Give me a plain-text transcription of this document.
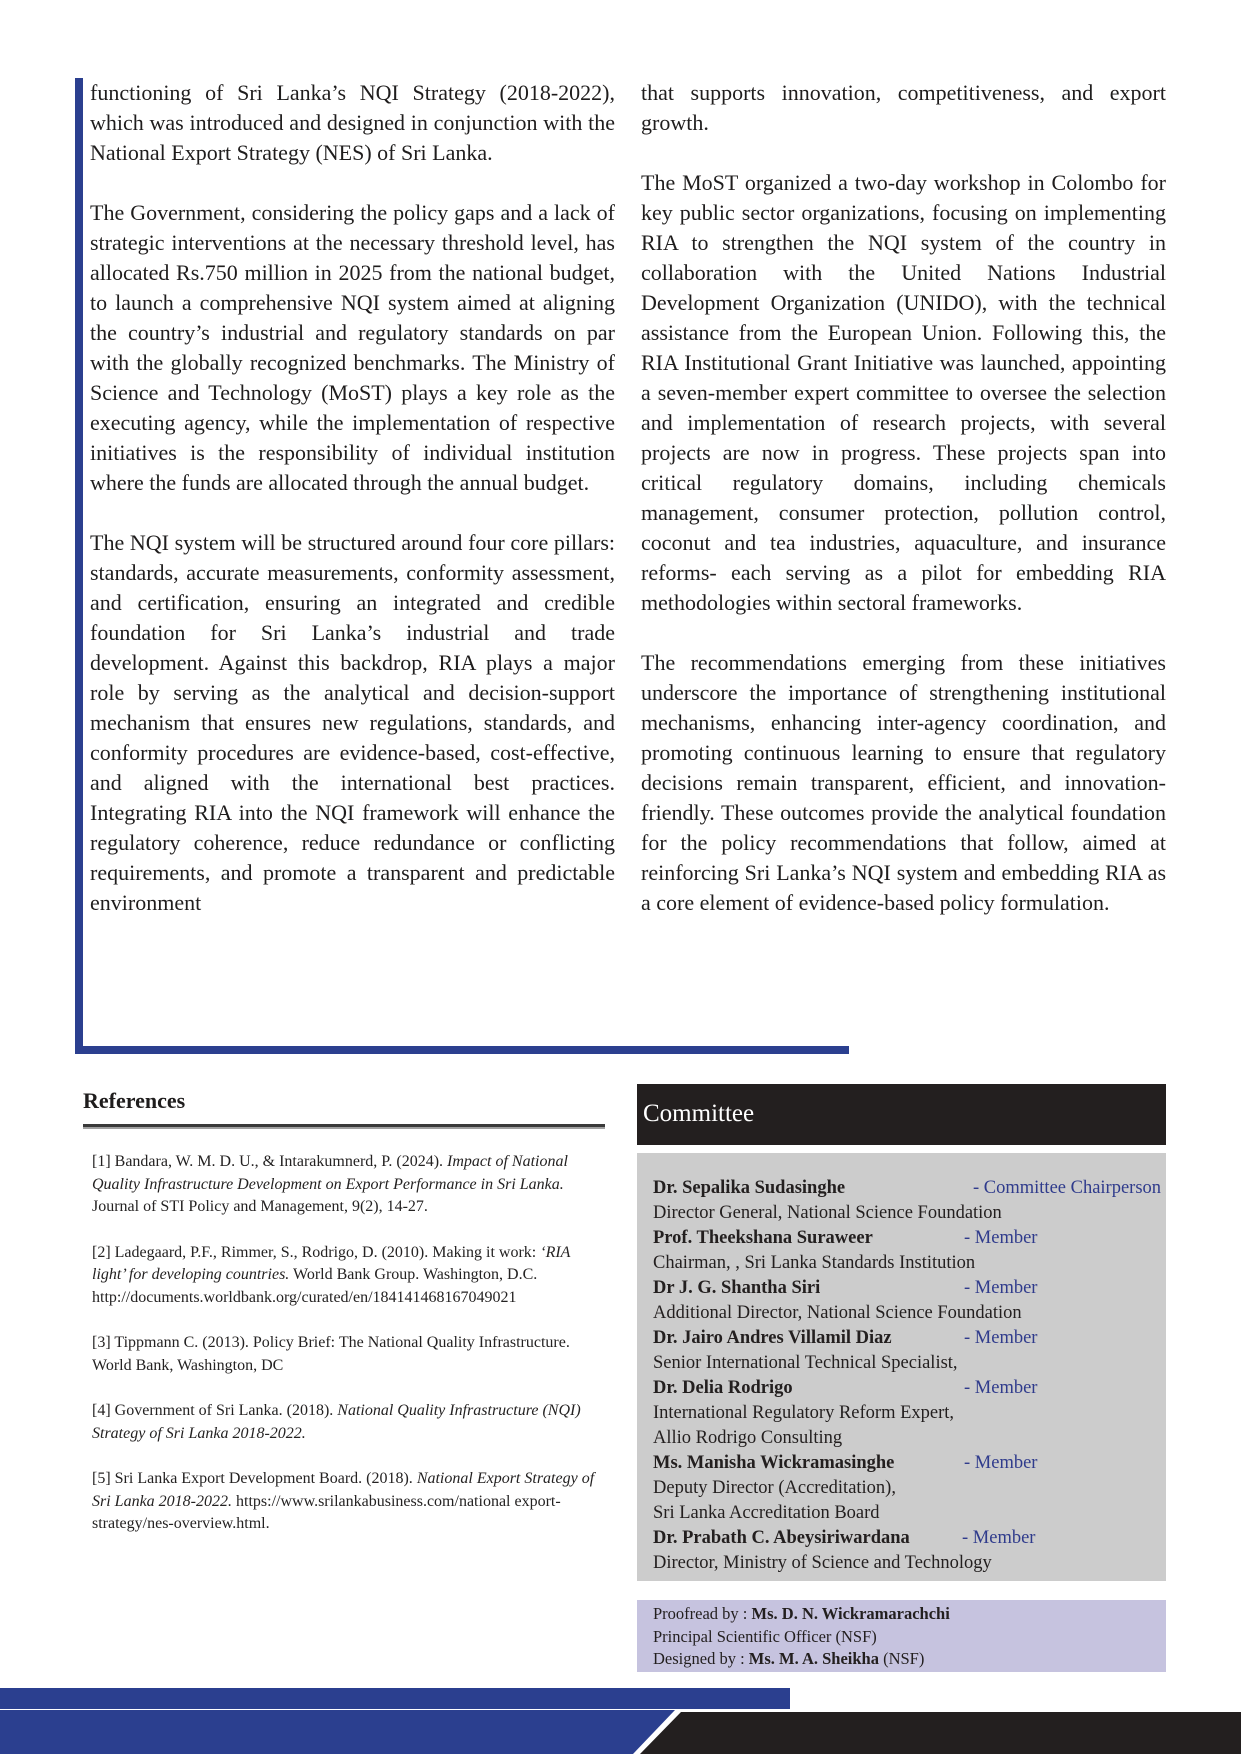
functioning of Sri Lanka’s NQI Strategy (2018-2022), which was introduced and designed in conjunction with the National Export Strategy (NES) of Sri Lanka.

The Government, considering the policy gaps and a lack of strategic interventions at the necessary threshold level, has allocated Rs.750 million in 2025 from the national budget, to launch a comprehensive NQI system aimed at aligning the country’s industrial and regulatory standards on par with the globally recognized benchmarks. The Ministry of Science and Technology (MoST) plays a key role as the executing agency, while the implementation of respective initiatives is the responsibility of individual institution where the funds are allocated through the annual budget.

The NQI system will be structured around four core pillars: standards, accurate measurements, conformity assessment, and certification, ensuring an integrated and credible foundation for Sri Lanka’s industrial and trade development. Against this backdrop, RIA plays a major role by serving as the analytical and decision-support mechanism that ensures new regulations, standards, and conformity procedures are evidence-based, cost-effective, and aligned with the international best practices. Integrating RIA into the NQI framework will enhance the regulatory coherence, reduce redundance or conflicting requirements, and promote a transparent and predictable environment

that supports innovation, competitiveness, and export growth.

The MoST organized a two-day workshop in Colombo for key public sector organizations, focusing on implementing RIA to strengthen the NQI system of the country in collaboration with the United Nations Industrial Development Organization (UNIDO), with the technical assistance from the European Union. Following this, the RIA Institutional Grant Initiative was launched, appointing a seven-member expert committee to oversee the selection and implementation of research projects, with several projects are now in progress. These projects span into critical regulatory domains, including chemicals management, consumer protection, pollution control, coconut and tea industries, aquaculture, and insurance reforms- each serving as a pilot for embedding RIA methodologies within sectoral frameworks.

The recommendations emerging from these initiatives underscore the importance of strengthening institutional mechanisms, enhancing inter-agency coordination, and promoting continuous learning to ensure that regulatory decisions remain transparent, efficient, and innovation-friendly. These outcomes provide the analytical foundation for the policy recommendations that follow, aimed at reinforcing Sri Lanka’s NQI system and embedding RIA as a core element of evidence-based policy formulation.

References

[1] Bandara, W. M. D. U., & Intarakumnerd, P. (2024). Impact of National Quality Infrastructure Development on Export Performance in Sri Lanka. Journal of STI Policy and Management, 9(2), 14-27.

[2] Ladegaard, P.F., Rimmer, S., Rodrigo, D. (2010). Making it work: ‘RIA light’ for developing countries. World Bank Group. Washington, D.C. http://documents.worldbank.org/curated/en/184141468167049021

[3] Tippmann C. (2013). Policy Brief: The National Quality Infrastructure. World Bank, Washington, DC

[4] Government of Sri Lanka. (2018). National Quality Infrastructure (NQI) Strategy of Sri Lanka 2018-2022.

[5] Sri Lanka Export Development Board. (2018). National Export Strategy of Sri Lanka 2018-2022. https://www.srilankabusiness.com/national export-strategy/nes-overview.html.

Committee
Dr. Sepalika Sudasinghe	- Committee Chairperson
Director General, National Science Foundation
Prof. Theekshana Suraweer	- Member
Chairman, , Sri Lanka Standards Institution
Dr J. G. Shantha Siri	- Member
Additional Director, National Science Foundation
Dr. Jairo Andres Villamil Diaz	- Member
Senior International Technical Specialist,
Dr. Delia Rodrigo	- Member
International Regulatory Reform Expert,
Allio Rodrigo Consulting
Ms. Manisha Wickramasinghe	- Member
Deputy Director (Accreditation),
Sri Lanka Accreditation Board
Dr. Prabath C. Abeysiriwardana	- Member
Director, Ministry of Science and Technology
Proofread by : Ms. D. N. Wickramarachchi
Principal Scientific Officer (NSF)
Designed by : Ms. M. A. Sheikha (NSF)
